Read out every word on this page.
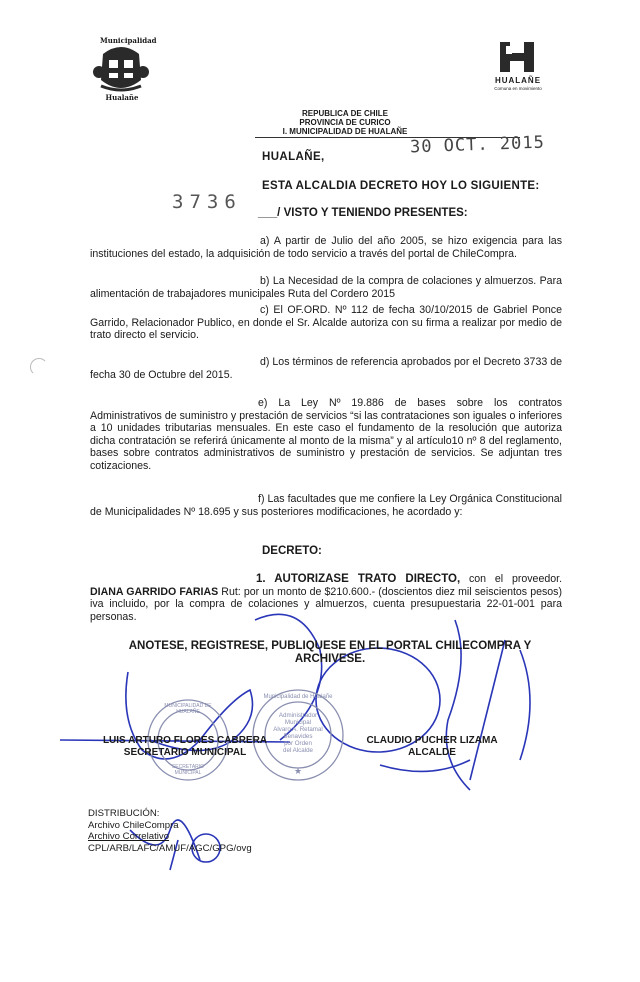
★
Municipalidad
Hualañe
HUALAÑE
Comuna en movimiento
REPUBLICA DE CHILE
PROVINCIA DE CURICO
I. MUNICIPALIDAD DE HUALAÑE
HUALAÑE,	30 OCT. 2015
ESTA ALCALDIA DECRETO HOY LO SIGUIENTE:
3736 ___/ VISTO Y TENIENDO PRESENTES:
a) A partir de Julio del año 2005, se hizo exigencia para las instituciones del estado, la adquisición de todo servicio a través del portal de ChileCompra.
b) La Necesidad de la compra de colaciones y almuerzos. Para alimentación de trabajadores municipales Ruta del Cordero 2015
c) El OF.ORD. Nº 112 de fecha 30/10/2015 de Gabriel Ponce Garrido, Relacionador Publico, en donde el Sr. Alcalde autoriza con su firma a realizar por medio de trato directo el servicio.
d) Los términos de referencia aprobados por el Decreto 3733 de fecha 30 de Octubre del 2015.
e) La Ley Nº 19.886 de bases sobre los contratos Administrativos de suministro y prestación de servicios “si las contrataciones son iguales o inferiores a 10 unidades tributarias mensuales. En este caso el fundamento de la resolución que autoriza dicha contratación se referirá únicamente al monto de la misma” y al artículo10 nº 8 del reglamento, bases sobre contratos administrativos de suministro y prestación de servicios. Se adjuntan tres cotizaciones.
f) Las facultades que me confiere la Ley Orgánica Constitucional de Municipalidades Nº 18.695 y sus posteriores modificaciones, he acordado y:
DECRETO:
1. AUTORIZASE TRATO DIRECTO, con el proveedor. DIANA GARRIDO FARIAS Rut: por un monto de $210.600.- (doscientos diez mil seiscientos pesos) iva incluido, por la compra de colaciones y almuerzos, cuenta presupuestaria 22-01-001 para personas.
ANOTESE, REGISTRESE, PUBLIQUESE EN EL PORTAL CHILECOMPRA Y
ARCHIVESE.
LUIS ARTURO FLORES CABRERA
SECRETARIO MUNICIPAL
CLAUDIO PUCHER LIZAMA
ALCALDE
MUNICIPALIDAD DE HUALAÑE
SECRETARIO MUNICIPAL
Municipalidad de Hualañe
Administrador
Municipal
Alvaro A. Retamal
Benavides
por Orden
del Alcalde
DISTRIBUCIÓN:
Archivo ChileCompra
Archivo Correlativo
CPL/ARB/LAFC/AMUF/AGC/GPG/ovg
